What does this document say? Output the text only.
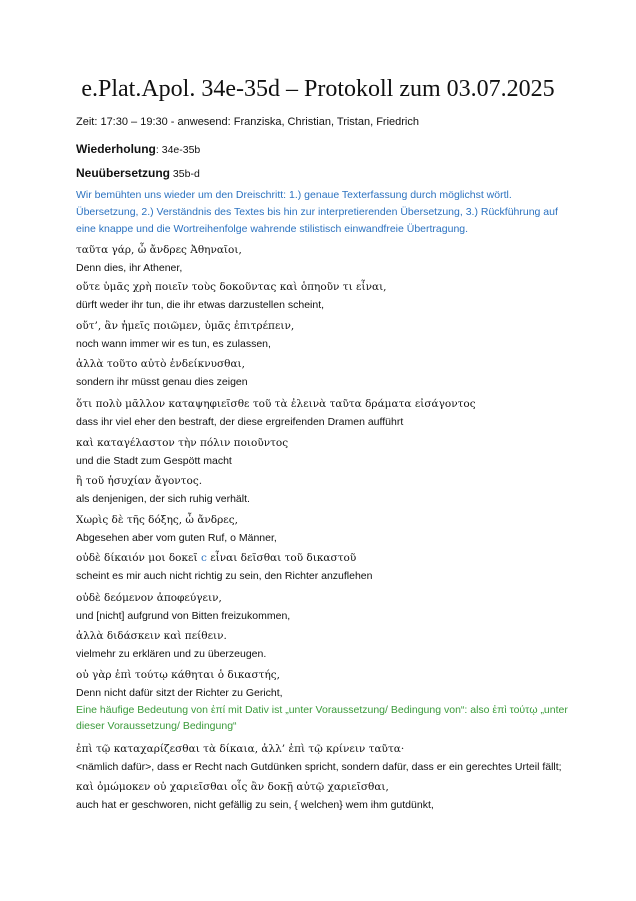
e.Plat.Apol. 34e-35d – Protokoll zum 03.07.2025
Zeit: 17:30 – 19:30 - anwesend: Franziska, Christian, Tristan, Friedrich
Wiederholung: 34e-35b
Neuübersetzung 35b-d
Wir bemühten uns wieder um den Dreischritt: 1.) genaue Texterfassung durch möglichst wörtl. Übersetzung, 2.) Verständnis des Textes bis hin zur interpretierenden Übersetzung, 3.) Rückführung auf eine knappe und die Wortreihenfolge wahrende stilistisch einwandfreie Übertragung.
ταῦτα γάρ, ὦ ἄνδρες Ἀθηναῖοι,
Denn dies, ihr Athener,
οὔτε ὑμᾶς χρὴ ποιεῖν τοὺς δοκοῦντας καὶ ὁπηοῦν τι εἶναι,
dürft weder ihr tun, die ihr etwas darzustellen scheint,
οὔτ’, ἂν ἡμεῖς ποιῶμεν, ὑμᾶς ἐπιτρέπειν,
noch wann immer wir es tun, es zulassen,
ἀλλὰ τοῦτο αὐτὸ ἐνδείκνυσθαι,
sondern ihr müsst genau dies zeigen
ὅτι πολὺ μᾶλλον καταψηφιεῖσθε τοῦ τὰ ἐλεινὰ ταῦτα δράματα εἰσάγοντος
dass ihr viel eher den bestraft, der diese ergreifenden Dramen aufführt
καὶ καταγέλαστον τὴν πόλιν ποιοῦντος
und die Stadt zum Gespött macht
ἢ τοῦ ἡσυχίαν ἄγοντος.
als denjenigen, der sich ruhig verhält.
Χωρὶς δὲ τῆς δόξης, ὦ ἄνδρες,
Abgesehen aber vom guten Ruf, o Männer,
οὐδὲ δίκαιόν μοι δοκεῖ c εἶναι δεῖσθαι τοῦ δικαστοῦ
scheint es mir auch nicht richtig zu sein, den Richter anzuflehen
οὐδὲ δεόμενον ἀποφεύγειν,
und [nicht] aufgrund von Bitten freizukommen,
ἀλλὰ διδάσκειν καὶ πείθειν.
vielmehr zu erklären und zu überzeugen.
οὐ γὰρ ἐπὶ τούτῳ κάθηται ὁ δικαστής,
Denn nicht dafür sitzt der Richter zu Gericht,
Eine häufige Bedeutung von ἐπί mit Dativ ist „unter Voraussetzung/ Bedingung von“: also ἐπὶ τούτῳ „unter dieser Voraussetzung/ Bedingung“
ἐπὶ τῷ καταχαρίζεσθαι τὰ δίκαια, ἀλλ’ ἐπὶ τῷ κρίνειν ταῦτα·
<nämlich dafür>, dass er Recht nach Gutdünken spricht, sondern dafür, dass er ein gerechtes Urteil fällt;
καὶ ὀμώμοκεν οὐ χαριεῖσθαι οἷς ἂν δοκῇ αὐτῷ χαριεῖσθαι,
auch hat er geschworen, nicht gefällig zu sein, { welchen} wem ihm gutdünkt,
